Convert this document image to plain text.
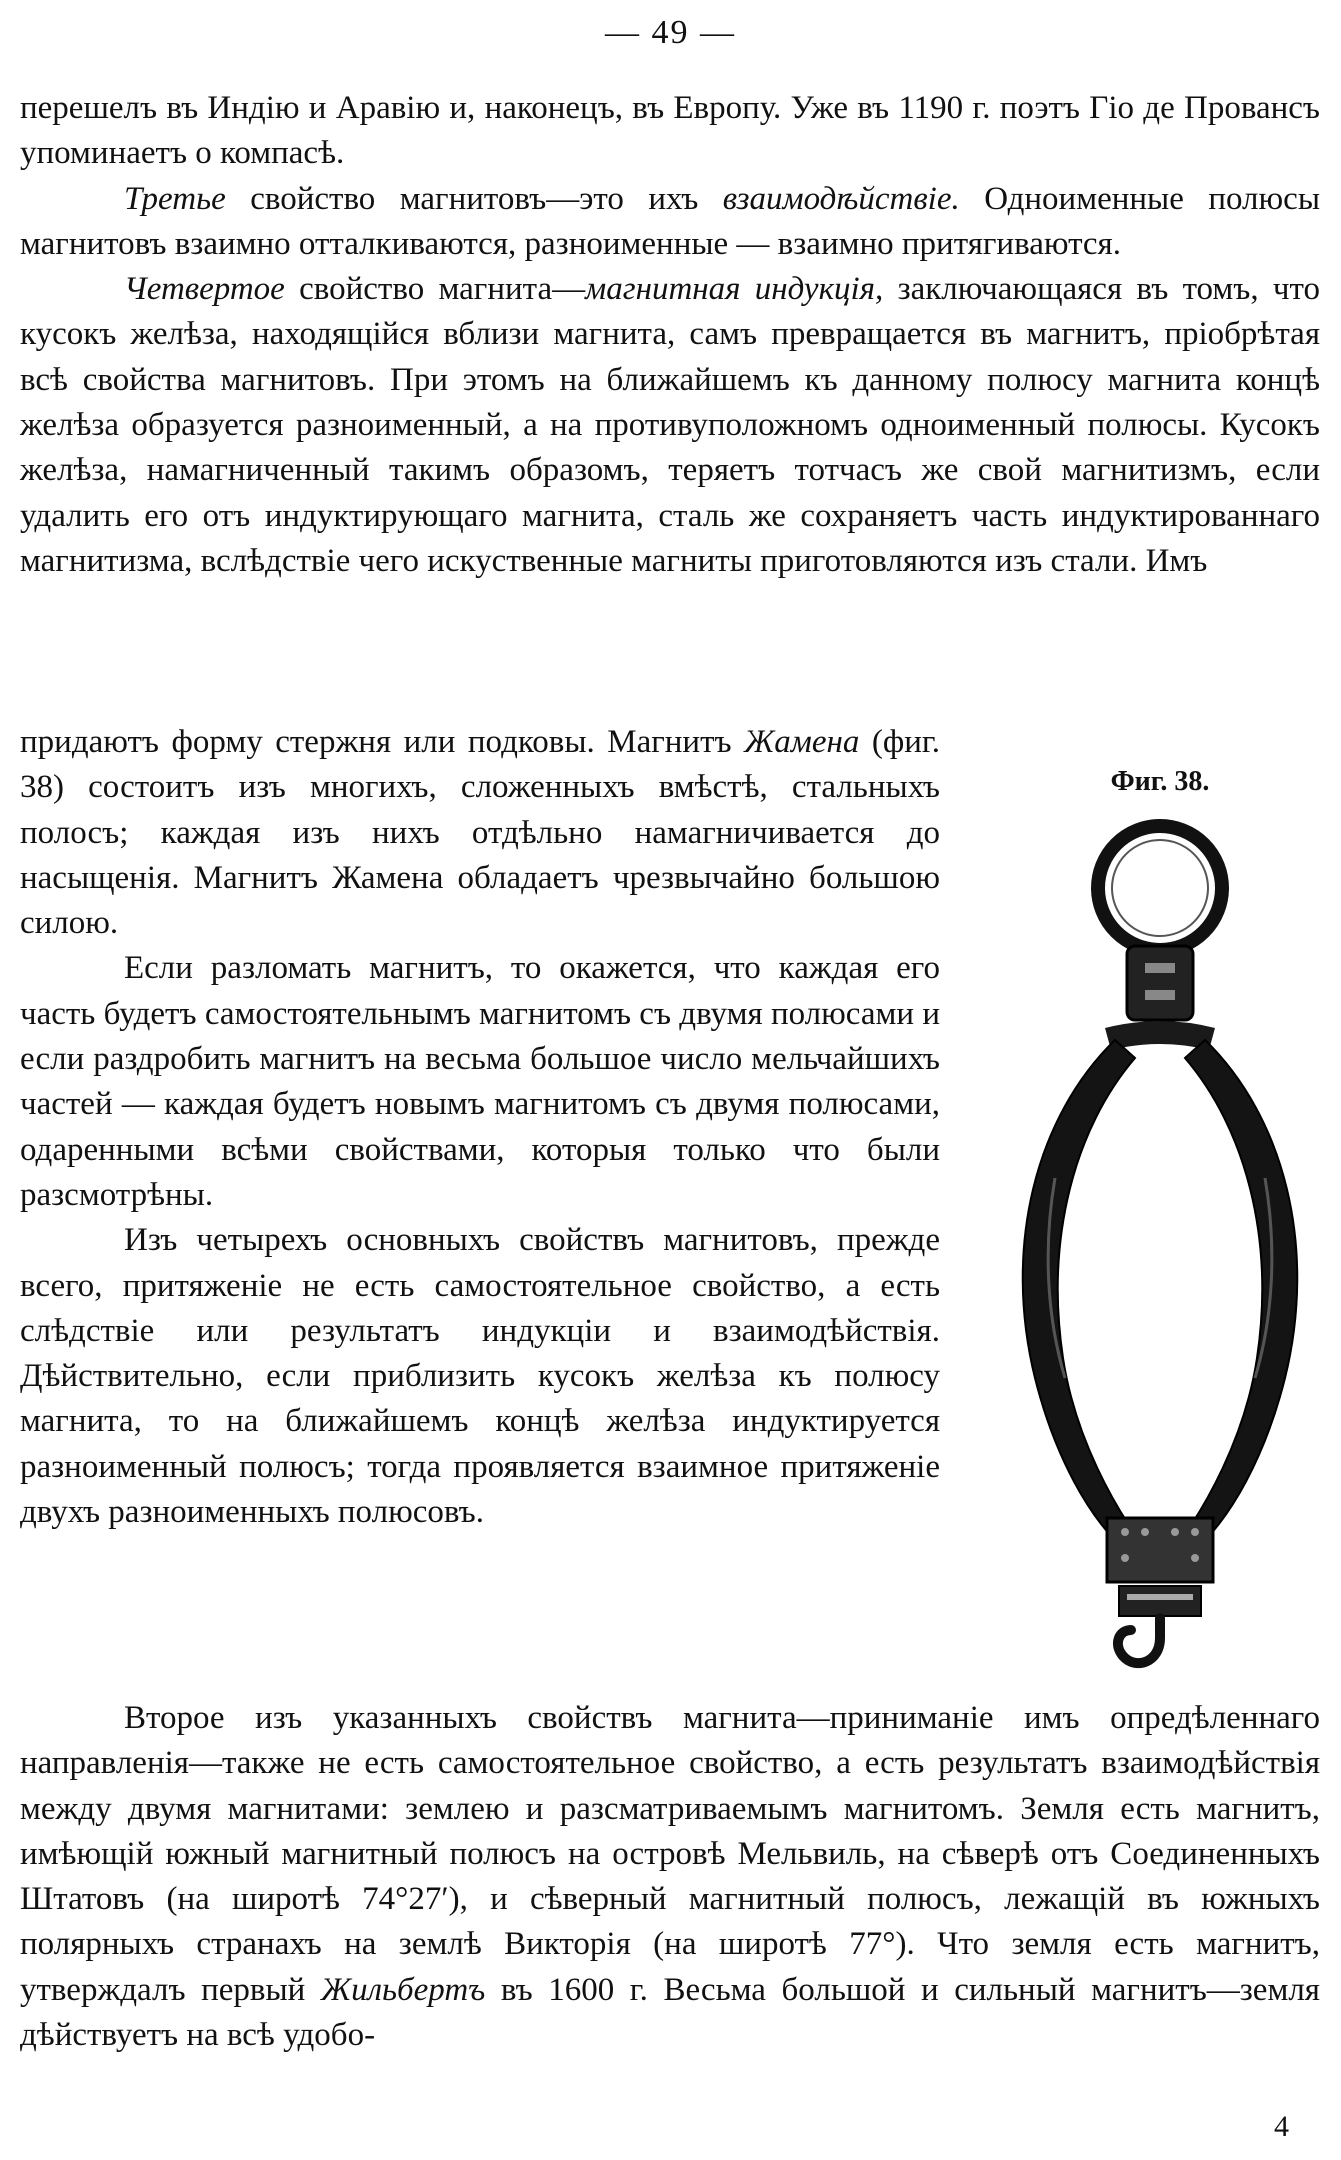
— 49 —

перешелъ въ Индію и Аравію и, наконецъ, въ Европу. Уже въ 1190 г. поэтъ Гіо де Провансъ упоминаетъ о компасѣ.

Третье свойство магнитовъ—это ихъ взаимодѣйствіе. Одноименные полюсы магнитовъ взаимно отталкиваются, разноименные — взаимно притягиваются.

Четвертое свойство магнита—магнитная индукція, заключающаяся въ томъ, что кусокъ желѣза, находящійся вблизи магнита, самъ превращается въ магнитъ, пріобрѣтая всѣ свойства магнитовъ. При этомъ на ближайшемъ къ данному полюсу магнита концѣ желѣза образуется разноименный, а на противуположномъ одноименный полюсы. Кусокъ желѣза, намагниченный такимъ образомъ, теряетъ тотчасъ же свой магнитизмъ, если удалить его отъ индуктирующаго магнита, сталь же сохраняетъ часть индуктированнаго магнитизма, вслѣдствіе чего искуственные магниты приготовляются изъ стали. Имъ

придаютъ форму стержня или подковы. Магнитъ Жамена (фиг. 38) состоитъ изъ многихъ, сложенныхъ вмѣстѣ, стальныхъ полосъ; каждая изъ нихъ отдѣльно намагничивается до насыщенія. Магнитъ Жамена обладаетъ чрезвычайно большою силою.

Если разломать магнитъ, то окажется, что каждая его часть будетъ самостоятельнымъ магнитомъ съ двумя полюсами и если раздробить магнитъ на весьма большое число мельчайшихъ частей — каждая будетъ новымъ магнитомъ съ двумя полюсами, одаренными всѣми свойствами, которыя только что были разсмотрѣны.

Изъ четырехъ основныхъ свойствъ магнитовъ, прежде всего, притяженіе не есть самостоятельное свойство, а есть слѣдствіе или результатъ индукціи и взаимодѣйствія. Дѣйствительно, если приблизить кусокъ желѣза къ полюсу магнита, то на ближайшемъ концѣ желѣза индуктируется разноименный полюсъ; тогда проявляется взаимное притяженіе двухъ разноименныхъ полюсовъ.

Фиг. 38.

Второе изъ указанныхъ свойствъ магнита—приниманіе имъ опредѣленнаго направленія—также не есть самостоятельное свойство, а есть результатъ взаимодѣйствія между двумя магнитами: землею и разсматриваемымъ магнитомъ. Земля есть магнитъ, имѣющій южный магнитный полюсъ на островѣ Мельвиль, на сѣверѣ отъ Соединенныхъ Штатовъ (на широтѣ 74°27′), и сѣверный магнитный полюсъ, лежащій въ южныхъ полярныхъ странахъ на землѣ Викторія (на широтѣ 77°). Что земля есть магнитъ, утверждалъ первый Жильбертъ въ 1600 г. Весьма большой и сильный магнитъ—земля дѣйствуетъ на всѣ удобо-

4
